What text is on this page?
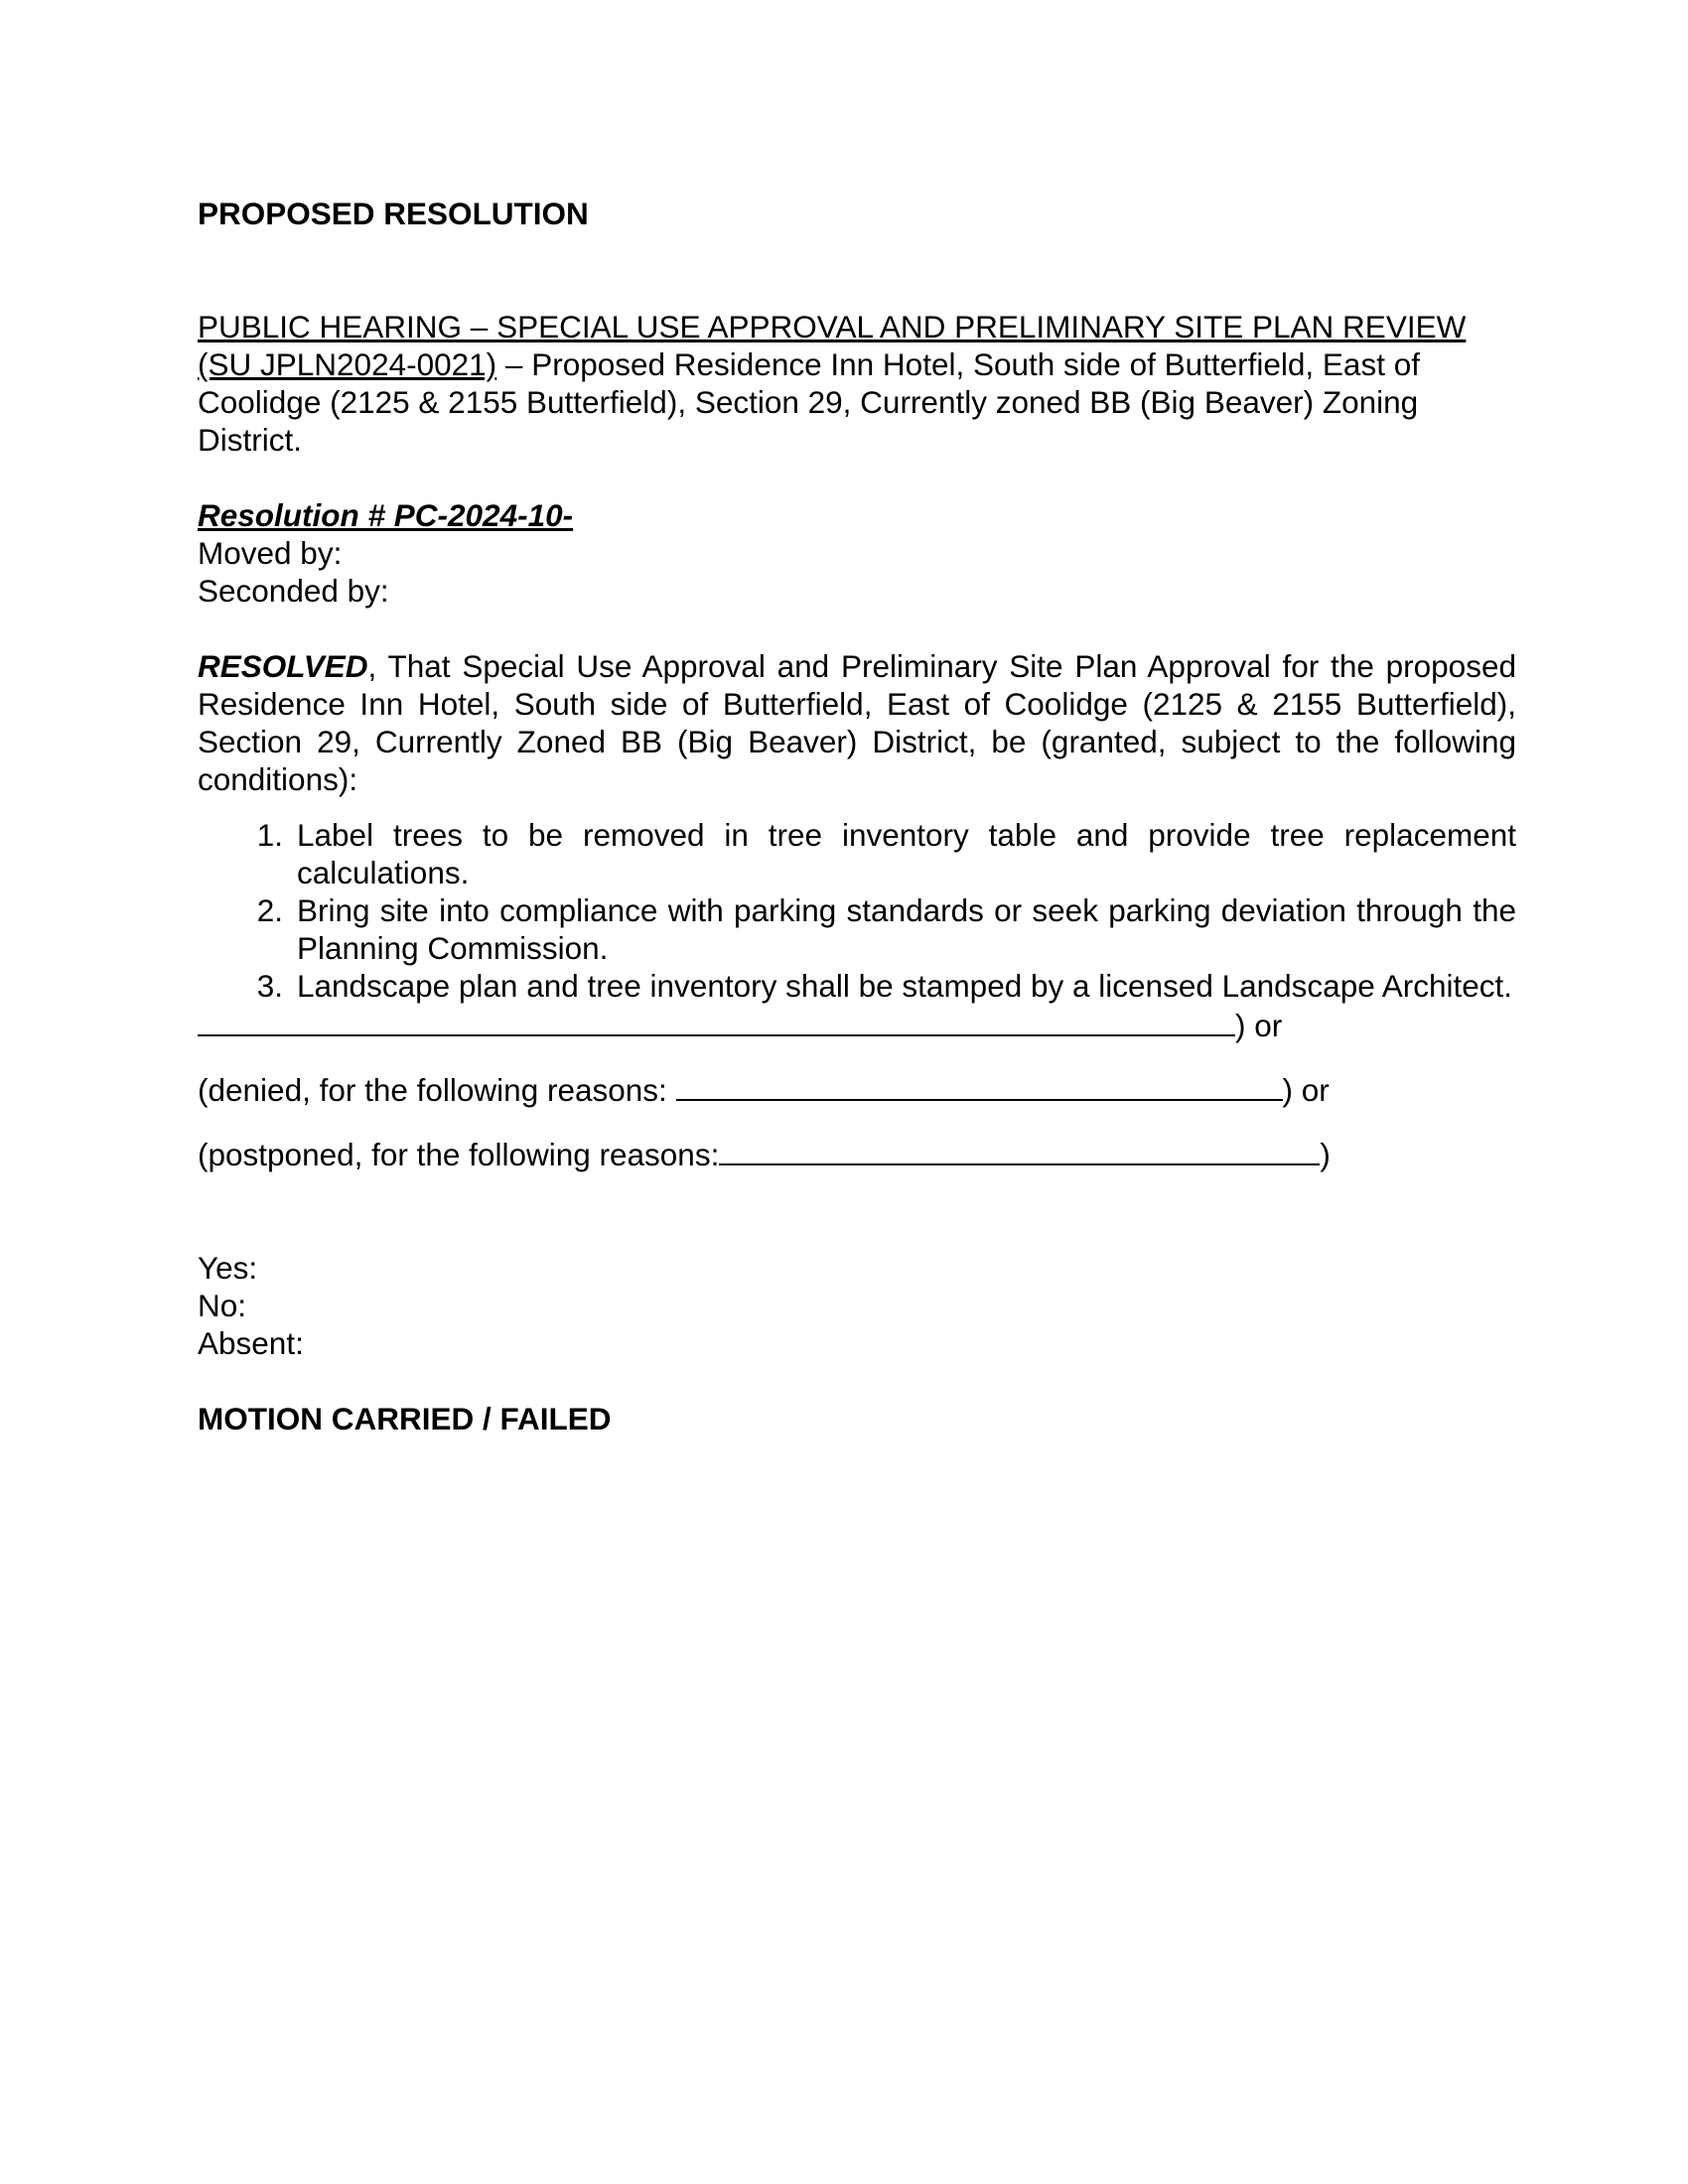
PROPOSED RESOLUTION

PUBLIC HEARING – SPECIAL USE APPROVAL AND PRELIMINARY SITE PLAN REVIEW (SU JPLN2024-0021) – Proposed Residence Inn Hotel, South side of Butterfield, East of Coolidge (2125 & 2155 Butterfield), Section 29, Currently zoned BB (Big Beaver) Zoning District.
Resolution # PC-2024-10-
Moved by:
Seconded by:
RESOLVED, That Special Use Approval and Preliminary Site Plan Approval for the proposed Residence Inn Hotel, South side of Butterfield, East of Coolidge (2125 & 2155 Butterfield), Section 29, Currently Zoned BB (Big Beaver) District, be (granted, subject to the following conditions):
1. Label trees to be removed in tree inventory table and provide tree replacement calculations.
2. Bring site into compliance with parking standards or seek parking deviation through the Planning Commission.
3. Landscape plan and tree inventory shall be stamped by a licensed Landscape Architect.
) or
(denied, for the following reasons:	) or
(postponed, for the following reasons:	)
Yes:
No:
Absent:
MOTION CARRIED / FAILED
